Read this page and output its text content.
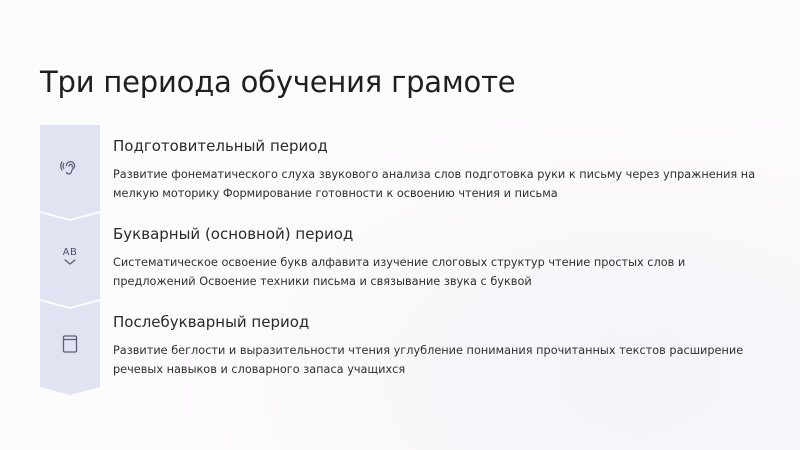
Три периода обучения грамоте
Подготовительный период
Развитие фонематического слуха звукового анализа слов подготовка руки к письму через упражнения на мелкую моторику Формирование готовности к освоению чтения и письма
AB
Букварный (основной) период
Систематическое освоение букв алфавита изучение слоговых структур чтение простых слов и предложений Освоение техники письма и связывание звука с буквой
Послебукварный период
Развитие беглости и выразительности чтения углубление понимания прочитанных текстов расширение речевых навыков и словарного запаса учащихся
